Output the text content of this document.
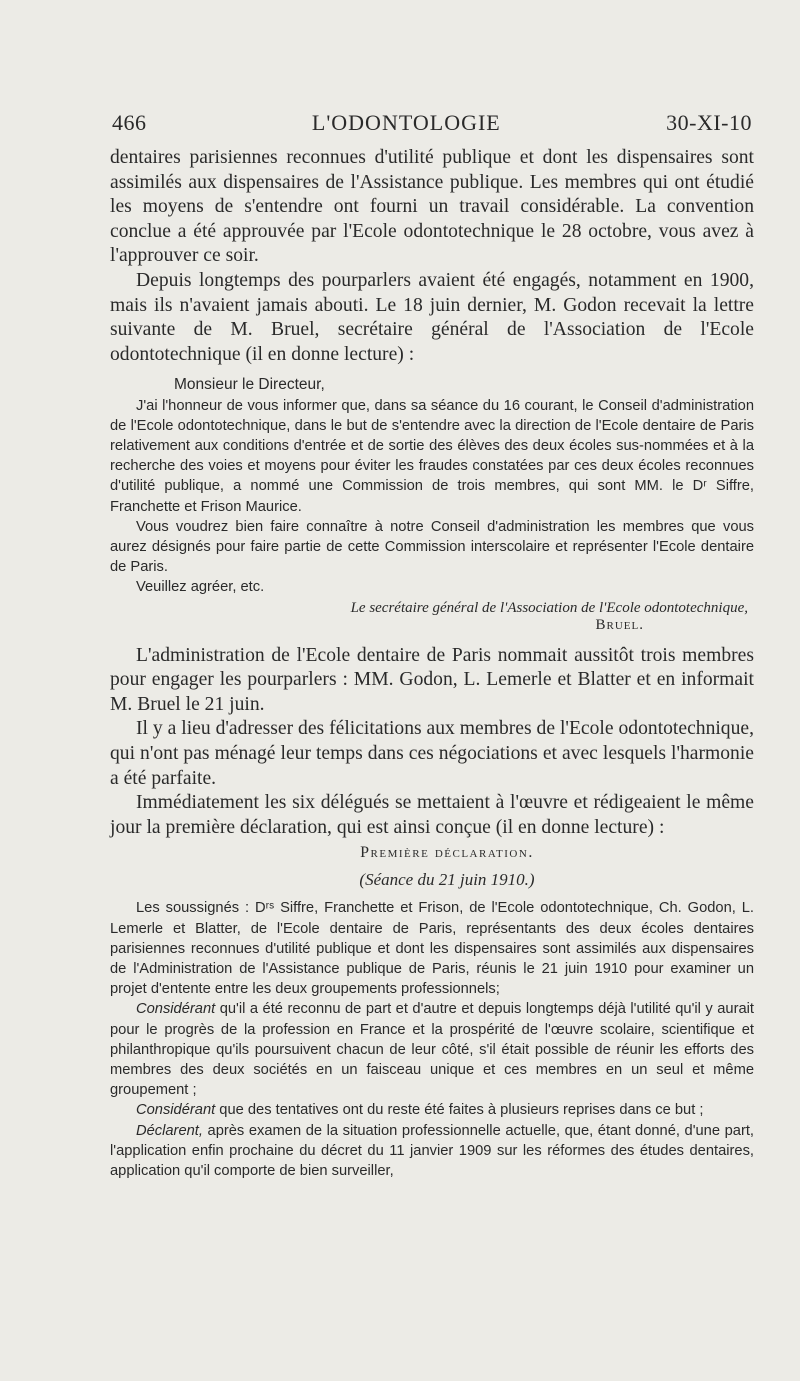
466	L'ODONTOLOGIE	30-XI-10

dentaires parisiennes reconnues d'utilité publique et dont les dispensaires sont assimilés aux dispensaires de l'Assistance publique. Les membres qui ont étudié les moyens de s'entendre ont fourni un travail considérable. La convention conclue a été approuvée par l'Ecole odontotechnique le 28 octobre, vous avez à l'approuver ce soir.

Depuis longtemps des pourparlers avaient été engagés, notamment en 1900, mais ils n'avaient jamais abouti. Le 18 juin dernier, M. Godon recevait la lettre suivante de M. Bruel, secrétaire général de l'Association de l'Ecole odontotechnique (il en donne lecture) :

Monsieur le Directeur,

J'ai l'honneur de vous informer que, dans sa séance du 16 courant, le Conseil d'administration de l'Ecole odontotechnique, dans le but de s'entendre avec la direction de l'Ecole dentaire de Paris relativement aux conditions d'entrée et de sortie des élèves des deux écoles sus-nommées et à la recherche des voies et moyens pour éviter les fraudes constatées par ces deux écoles reconnues d'utilité publique, a nommé une Commission de trois membres, qui sont MM. le Dʳ Siffre, Franchette et Frison Maurice.

Vous voudrez bien faire connaître à notre Conseil d'administration les membres que vous aurez désignés pour faire partie de cette Commission interscolaire et représenter l'Ecole dentaire de Paris.

Veuillez agréer, etc.

Le secrétaire général de l'Association de l'Ecole odontotechnique,

Bruel.

L'administration de l'Ecole dentaire de Paris nommait aussitôt trois membres pour engager les pourparlers : MM. Godon, L. Lemerle et Blatter et en informait M. Bruel le 21 juin.

Il y a lieu d'adresser des félicitations aux membres de l'Ecole odontotechnique, qui n'ont pas ménagé leur temps dans ces négociations et avec lesquels l'harmonie a été parfaite.

Immédiatement les six délégués se mettaient à l'œuvre et rédigeaient le même jour la première déclaration, qui est ainsi conçue (il en donne lecture) :

Première déclaration.

(Séance du 21 juin 1910.)

Les soussignés : Dʳˢ Siffre, Franchette et Frison, de l'Ecole odontotechnique, Ch. Godon, L. Lemerle et Blatter, de l'Ecole dentaire de Paris, représentants des deux écoles dentaires parisiennes reconnues d'utilité publique et dont les dispensaires sont assimilés aux dispensaires de l'Administration de l'Assistance publique de Paris, réunis le 21 juin 1910 pour examiner un projet d'entente entre les deux groupements professionnels;

Considérant qu'il a été reconnu de part et d'autre et depuis longtemps déjà l'utilité qu'il y aurait pour le progrès de la profession en France et la prospérité de l'œuvre scolaire, scientifique et philanthropique qu'ils poursuivent chacun de leur côté, s'il était possible de réunir les efforts des membres des deux sociétés en un faisceau unique et ces membres en un seul et même groupement ;

Considérant que des tentatives ont du reste été faites à plusieurs reprises dans ce but ;

Déclarent, après examen de la situation professionnelle actuelle, que, étant donné, d'une part, l'application enfin prochaine du décret du 11 janvier 1909 sur les réformes des études dentaires, application qu'il comporte de bien surveiller,
